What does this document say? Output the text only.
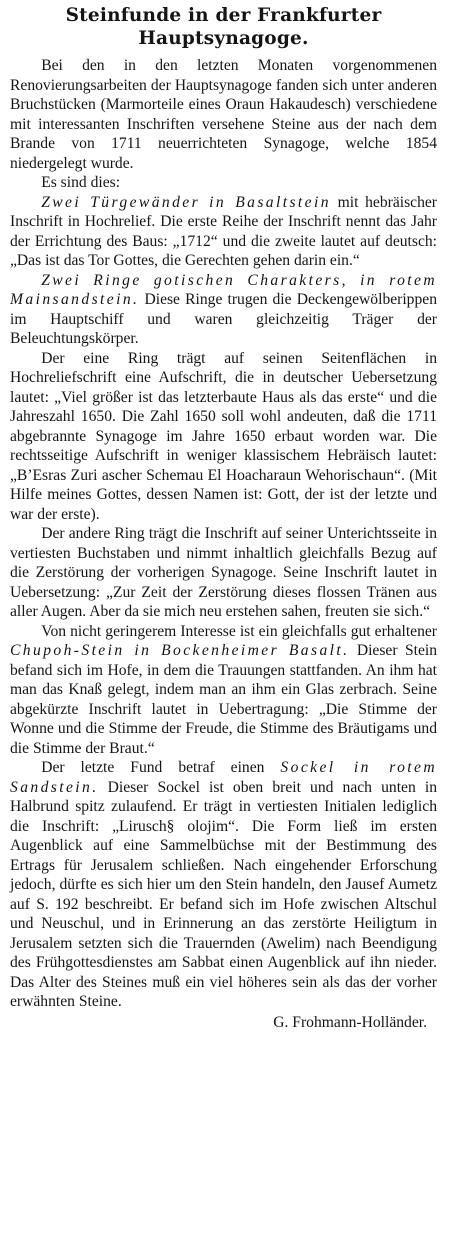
Steinfunde in der Frankfurter Hauptsynagoge.

Bei den in den letzten Monaten vorgenommenen Renovierungsarbeiten der Hauptsynagoge fanden sich unter anderen Bruchstücken (Marmorteile eines Oraun Hakaudesch) verschiedene mit interessanten Inschriften versehene Steine aus der nach dem Brande von 1711 neuerrichteten Synagoge, welche 1854 niedergelegt wurde.

Es sind dies:

Zwei Türgewänder in Basaltstein mit hebräischer Inschrift in Hochrelief. Die erste Reihe der Inschrift nennt das Jahr der Errichtung des Baus: „1712“ und die zweite lautet auf deutsch: „Das ist das Tor Gottes, die Gerechten gehen darin ein.“

Zwei Ringe gotischen Charakters, in rotem Mainsandstein. Diese Ringe trugen die Deckengewölberippen im Hauptschiff und waren gleichzeitig Träger der Beleuchtungskörper.

Der eine Ring trägt auf seinen Seitenflächen in Hochreliefschrift eine Aufschrift, die in deutscher Uebersetzung lautet: „Viel größer ist das letzterbaute Haus als das erste“ und die Jahreszahl 1650. Die Zahl 1650 soll wohl andeuten, daß die 1711 abgebrannte Synagoge im Jahre 1650 erbaut worden war. Die rechtsseitige Aufschrift in weniger klassischem Hebräisch lautet: „B’Esras Zuri ascher Schemau El Hoacharaun Wehorischaun“. (Mit Hilfe meines Gottes, dessen Namen ist: Gott, der ist der letzte und war der erste).

Der andere Ring trägt die Inschrift auf seiner Unterichtsseite in vertiesten Buchstaben und nimmt inhaltlich gleichfalls Bezug auf die Zerstörung der vorherigen Synagoge. Seine Inschrift lautet in Uebersetzung: „Zur Zeit der Zerstörung dieses flossen Tränen aus aller Augen. Aber da sie mich neu erstehen sahen, freuten sie sich.“

Von nicht geringerem Interesse ist ein gleichfalls gut erhaltener Chupoh-Stein in Bockenheimer Basalt. Dieser Stein befand sich im Hofe, in dem die Trauungen stattfanden. An ihm hat man das Knaß gelegt, indem man an ihm ein Glas zerbrach. Seine abgekürzte Inschrift lautet in Uebertragung: „Die Stimme der Wonne und die Stimme der Freude, die Stimme des Bräutigams und die Stimme der Braut.“

Der letzte Fund betraf einen Sockel in rotem Sandstein. Dieser Sockel ist oben breit und nach unten in Halbrund spitz zulaufend. Er trägt in vertiesten Initialen lediglich die Inschrift: „Lirusch§ olojim“. Die Form ließ im ersten Augenblick auf eine Sammelbüchse mit der Bestimmung des Ertrags für Jerusalem schließen. Nach eingehender Erforschung jedoch, dürfte es sich hier um den Stein handeln, den Jausef Aumetz auf S. 192 beschreibt. Er befand sich im Hofe zwischen Altschul und Neuschul, und in Erinnerung an das zerstörte Heiligtum in Jerusalem setzten sich die Trauernden (Awelim) nach Beendigung des Frühgottesdienstes am Sabbat einen Augenblick auf ihn nieder. Das Alter des Steines muß ein viel höheres sein als das der vorher erwähnten Steine.

G. Frohmann-Holländer.
